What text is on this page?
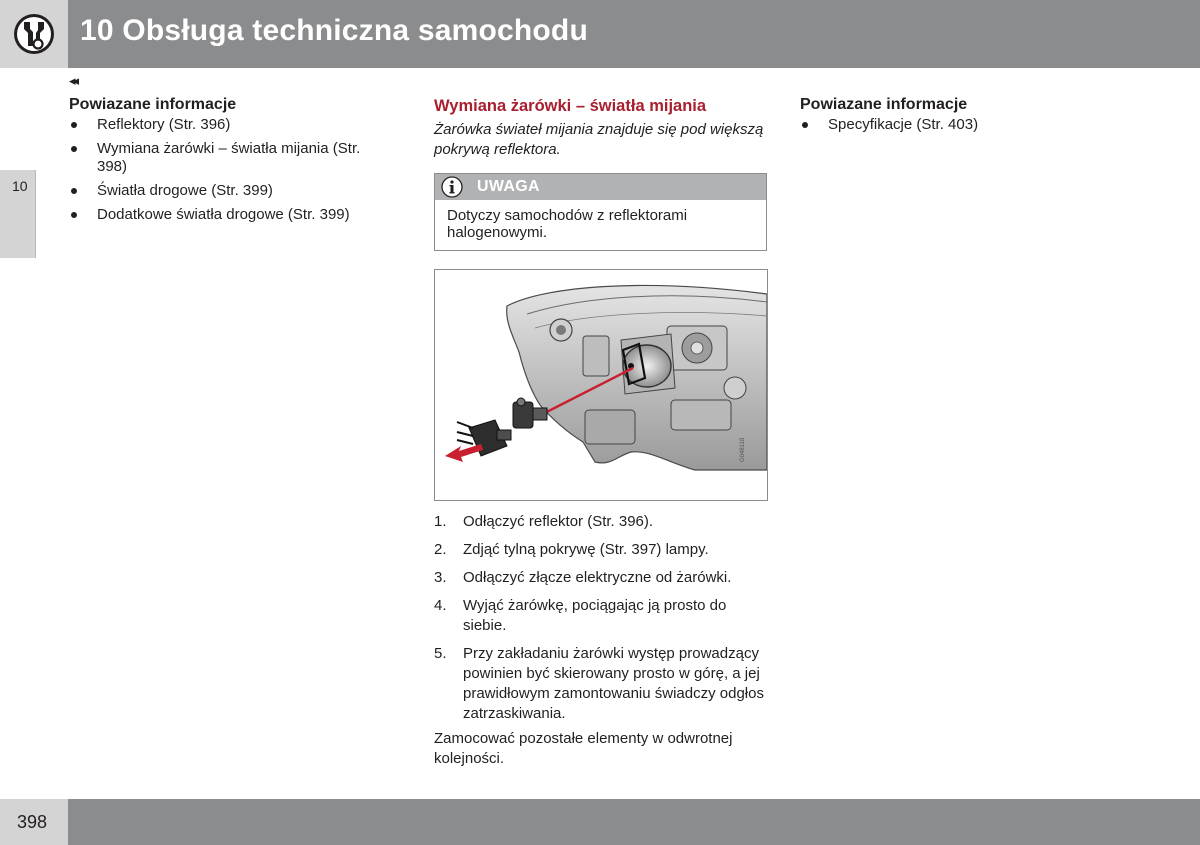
10 Obsługa techniczna samochodu
10
◂◂
Powiazane informacje
Reflektory (Str. 396)
Wymiana żarówki – światła mijania (Str. 398)
Światła drogowe (Str. 399)
Dodatkowe światła drogowe (Str. 399)
Wymiana żarówki – światła mijania

Żarówka świateł mijania znajduje się pod większą pokrywą reflektora.

UWAGA
Dotyczy samochodów z reflektorami halogenowymi.
G048118
1. Odłączyć reflektor (Str. 396).
2. Zdjąć tylną pokrywę (Str. 397) lampy.
3. Odłączyć złącze elektryczne od żarówki.
4. Wyjąć żarówkę, pociągając ją prosto do siebie.
5. Przy zakładaniu żarówki występ prowadzący powinien być skierowany prosto w górę, a jej prawidłowym zamontowaniu świadczy odgłos zatrzaskiwania.

Zamocować pozostałe elementy w odwrotnej kolejności.

Powiazane informacje
Specyfikacje (Str. 403)
398
